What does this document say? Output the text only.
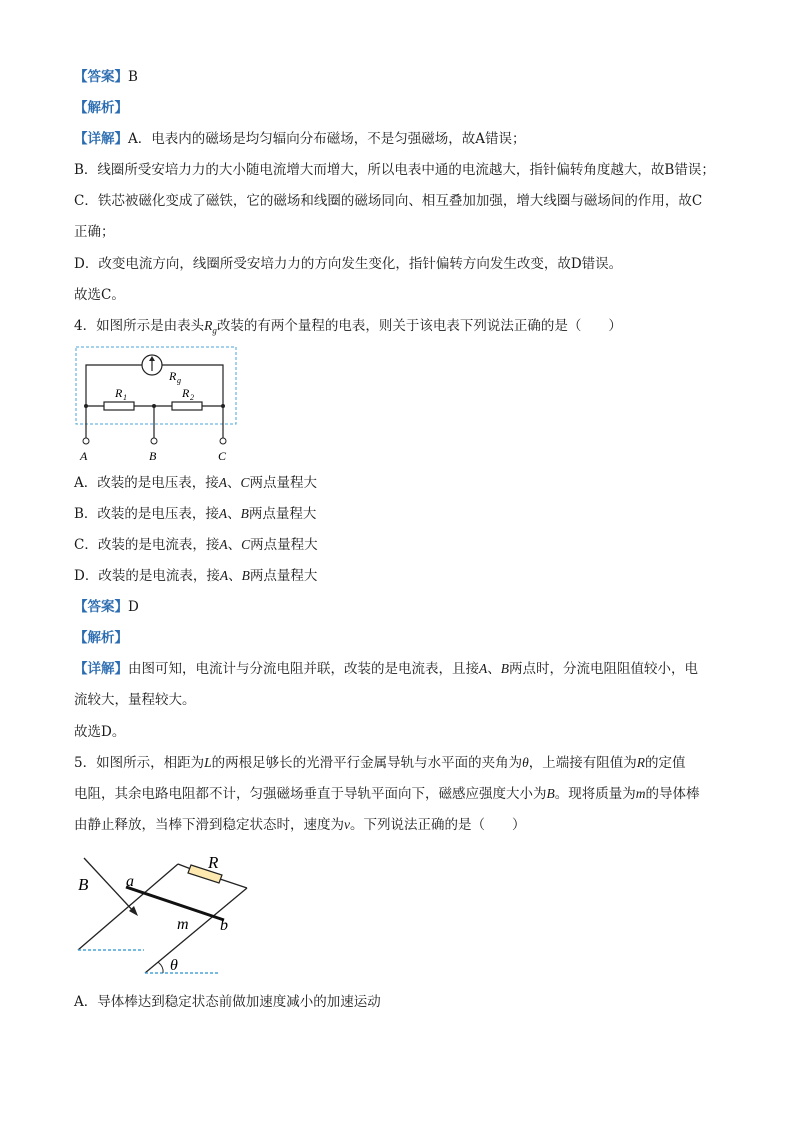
【答案】B
【解析】
【详解】A．电表内的磁场是均匀辐向分布磁场，不是匀强磁场，故A错误；
B．线圈所受安培力力的大小随电流增大而增大，所以电表中通的电流越大，指针偏转角度越大，故B错误；
C．铁芯被磁化变成了磁铁，它的磁场和线圈的磁场同向、相互叠加加强，增大线圈与磁场间的作用，故C
正确；
D．改变电流方向，线圈所受安培力力的方向发生变化，指针偏转方向发生改变，故D错误。
故选C。
4．如图所示是由表头$R_g$改装的有两个量程的电表，则关于该电表下列说法正确的是（　　）
R g
R 1	R 2
A	B	C
A．改装的是电压表，接A、C两点量程大
B．改装的是电压表，接A、B两点量程大
C．改装的是电流表，接A、C两点量程大
D．改装的是电流表，接A、B两点量程大
【答案】D
【解析】
【详解】由图可知，电流计与分流电阻并联，改装的是电流表，且接A、B两点时，分流电阻阻值较小，电
流较大，量程较大。
故选D。
5．如图所示，相距为L的两根足够长的光滑平行金属导轨与水平面的夹角为θ，上端接有阻值为R的定值
电阻，其余电路电阻都不计，匀强磁场垂直于导轨平面向下，磁感应强度大小为B。现将质量为m的导体棒
由静止释放，当棒下滑到稳定状态时，速度为v。下列说法正确的是（　　）
B
R
a
m b
θ
A．导体棒达到稳定状态前做加速度减小的加速运动
